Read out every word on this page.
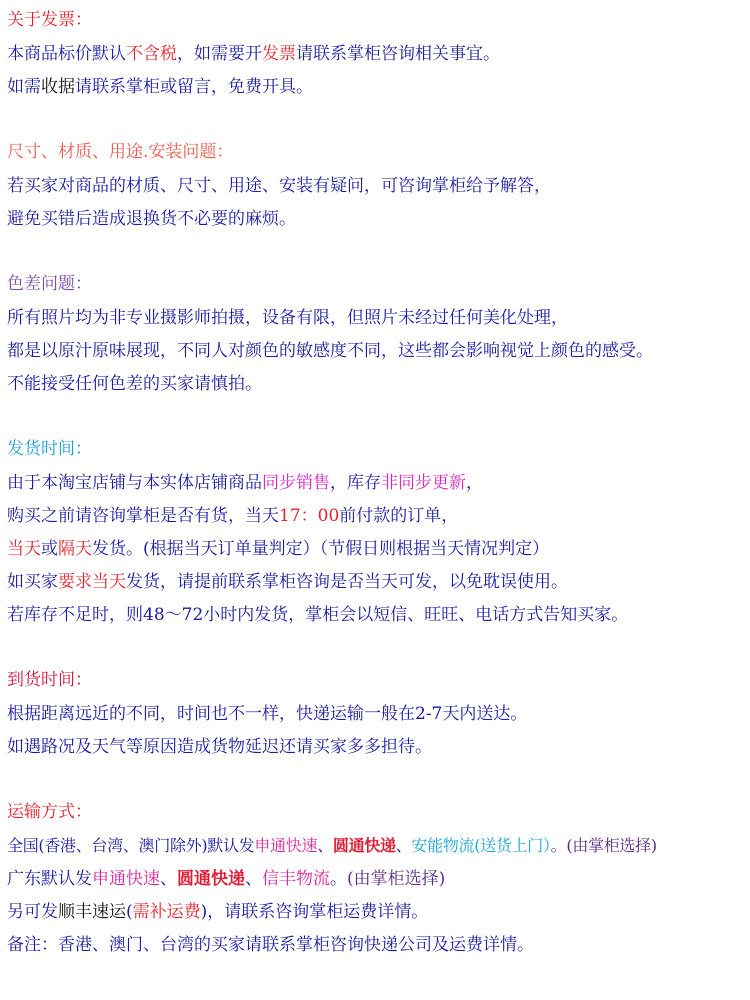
关于发票：
本商品标价默认不含税，如需要开发票请联系掌柜咨询相关事宜。
如需收据请联系掌柜或留言，免费开具。
尺寸、材质、用途.安装问题：
若买家对商品的材质、尺寸、用途、安装有疑问，可咨询掌柜给予解答，
避免买错后造成退换货不必要的麻烦。
色差问题：
所有照片均为非专业摄影师拍摄，设备有限，但照片未经过任何美化处理，
都是以原汁原味展现，不同人对颜色的敏感度不同，这些都会影响视觉上颜色的感受。
不能接受任何色差的买家请慎拍。
发货时间：
由于本淘宝店铺与本实体店铺商品同步销售，库存非同步更新，
购买之前请咨询掌柜是否有货，当天17：00前付款的订单，
当天或隔天发货。(根据当天订单量判定）（节假日则根据当天情况判定）
如买家要求当天发货，请提前联系掌柜咨询是否当天可发，以免耽误使用。
若库存不足时，则48～72小时内发货，掌柜会以短信、旺旺、电话方式告知买家。
到货时间：
根据距离远近的不同，时间也不一样，快递运输一般在2-7天内送达。
如遇路况及天气等原因造成货物延迟还请买家多多担待。
运输方式：
全国(香港、台湾、澳门除外)默认发申通快速、圆通快递、安能物流(送货上门）。(由掌柜选择)
广东默认发申通快速、圆通快递、信丰物流。(由掌柜选择)
另可发顺丰速运(需补运费)，请联系咨询掌柜运费详情。
备注：香港、澳门、台湾的买家请联系掌柜咨询快递公司及运费详情。
